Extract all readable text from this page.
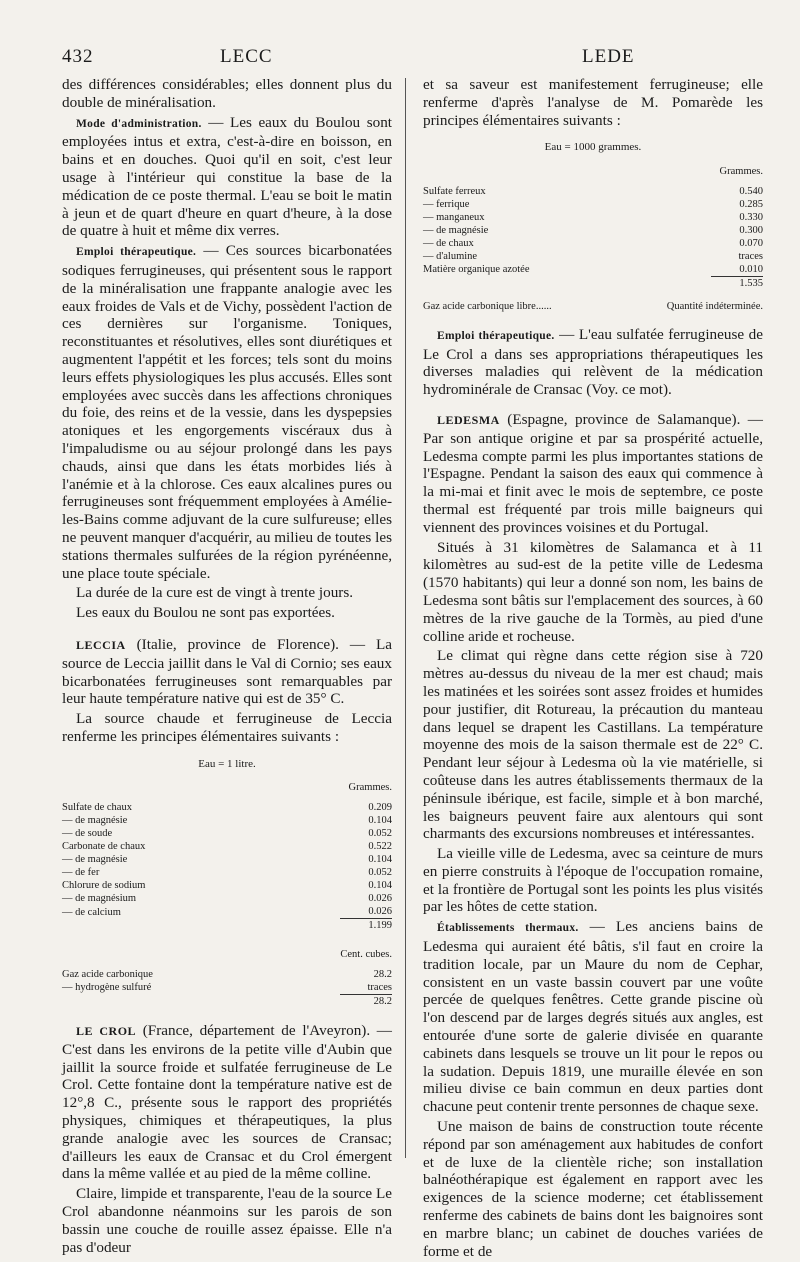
432	LECC	LEDE

des différences considérables; elles donnent plus du double de minéralisation.

Mode d'administration. — Les eaux du Boulou sont employées intus et extra, c'est-à-dire en boisson, en bains et en douches. Quoi qu'il en soit, c'est leur usage à l'intérieur qui constitue la base de la médication de ce poste thermal. L'eau se boit le matin à jeun et de quart d'heure en quart d'heure, à la dose de quatre à huit et même dix verres.

Emploi thérapeutique. — Ces sources bicarbonatées sodiques ferrugineuses, qui présentent sous le rapport de la minéralisation une frappante analogie avec les eaux froides de Vals et de Vichy, possèdent l'action de ces dernières sur l'organisme. Toniques, reconstituantes et résolutives, elles sont diurétiques et augmentent l'appétit et les forces; tels sont du moins leurs effets physiologiques les plus accusés. Elles sont employées avec succès dans les affections chroniques du foie, des reins et de la vessie, dans les dyspepsies atoniques et les engorgements viscéraux dus à l'impaludisme ou au séjour prolongé dans les pays chauds, ainsi que dans les états morbides liés à l'anémie et à la chlorose. Ces eaux alcalines pures ou ferrugineuses sont fréquemment employées à Amélie-les-Bains comme adjuvant de la cure sulfureuse; elles ne peuvent manquer d'acquérir, au milieu de toutes les stations thermales sulfurées de la région pyrénéenne, une place toute spéciale.

La durée de la cure est de vingt à trente jours.

Les eaux du Boulou ne sont pas exportées.

LECCIA (Italie, province de Florence). — La source de Leccia jaillit dans le Val di Cornio; ses eaux bicarbonatées ferrugineuses sont remarquables par leur haute température native qui est de 35° C.

La source chaude et ferrugineuse de Leccia renferme les principes élémentaires suivants :

Eau = 1 litre.
Grammes.
Sulfate de chaux	0.209
— de magnésie	0.104
— de soude	0.052
Carbonate de chaux	0.522
— de magnésie	0.104
— de fer	0.052
Chlorure de sodium	0.104
— de magnésium	0.026
— de calcium	0.026
	1.199
Cent. cubes.
Gaz acide carbonique	28.2
— hydrogène sulfuré	traces
	28.2

LE CROL (France, département de l'Aveyron). — C'est dans les environs de la petite ville d'Aubin que jaillit la source froide et sulfatée ferrugineuse de Le Crol. Cette fontaine dont la température native est de 12°,8 C., présente sous le rapport des propriétés physiques, chimiques et thérapeutiques, la plus grande analogie avec les sources de Cransac; d'ailleurs les eaux de Cransac et du Crol émergent dans la même vallée et au pied de la même colline.

Claire, limpide et transparente, l'eau de la source Le Crol abandonne néanmoins sur les parois de son bassin une couche de rouille assez épaisse. Elle n'a pas d'odeur

et sa saveur est manifestement ferrugineuse; elle renferme d'après l'analyse de M. Pomarède les principes élémentaires suivants :

Eau = 1000 grammes.
Grammes.
Sulfate ferreux	0.540
— ferrique	0.285
— manganeux	0.330
— de magnésie	0.300
— de chaux	0.070
— d'alumine	traces
Matière organique azotée	0.010
	1.535
Gaz acide carbonique libre......	Quantité indéterminée.

Emploi thérapeutique. — L'eau sulfatée ferrugineuse de Le Crol a dans ses appropriations thérapeutiques les diverses maladies qui relèvent de la médication hydrominérale de Cransac (Voy. ce mot).

LEDESMA (Espagne, province de Salamanque). — Par son antique origine et par sa prospérité actuelle, Ledesma compte parmi les plus importantes stations de l'Espagne. Pendant la saison des eaux qui commence à la mi-mai et finit avec le mois de septembre, ce poste thermal est fréquenté par trois mille baigneurs qui viennent des provinces voisines et du Portugal.

Situés à 31 kilomètres de Salamanca et à 11 kilomètres au sud-est de la petite ville de Ledesma (1570 habitants) qui leur a donné son nom, les bains de Ledesma sont bâtis sur l'emplacement des sources, à 60 mètres de la rive gauche de la Tormès, au pied d'une colline aride et rocheuse.

Le climat qui règne dans cette région sise à 720 mètres au-dessus du niveau de la mer est chaud; mais les matinées et les soirées sont assez froides et humides pour justifier, dit Rotureau, la précaution du manteau dans lequel se drapent les Castillans. La température moyenne des mois de la saison thermale est de 22° C. Pendant leur séjour à Ledesma où la vie matérielle, si coûteuse dans les autres établissements thermaux de la péninsule ibérique, est facile, simple et à bon marché, les baigneurs peuvent faire aux alentours qui sont charmants des excursions nombreuses et intéressantes.

La vieille ville de Ledesma, avec sa ceinture de murs en pierre construits à l'époque de l'occupation romaine, et la frontière de Portugal sont les points les plus visités par les hôtes de cette station.

Établissements thermaux. — Les anciens bains de Ledesma qui auraient été bâtis, s'il faut en croire la tradition locale, par un Maure du nom de Cephar, consistent en un vaste bassin couvert par une voûte percée de quelques fenêtres. Cette grande piscine où l'on descend par de larges degrés situés aux angles, est entourée d'une sorte de galerie divisée en quarante cabinets dans lesquels se trouve un lit pour le repos ou la sudation. Depuis 1819, une muraille élevée en son milieu divise ce bain commun en deux parties dont chacune peut contenir trente personnes de chaque sexe.

Une maison de bains de construction toute récente répond par son aménagement aux habitudes de confort et de luxe de la clientèle riche; son installation balnéothérapique est également en rapport avec les exigences de la science moderne; cet établissement renferme des cabinets de bains dont les baignoires sont en marbre blanc; un cabinet de douches variées de forme et de
